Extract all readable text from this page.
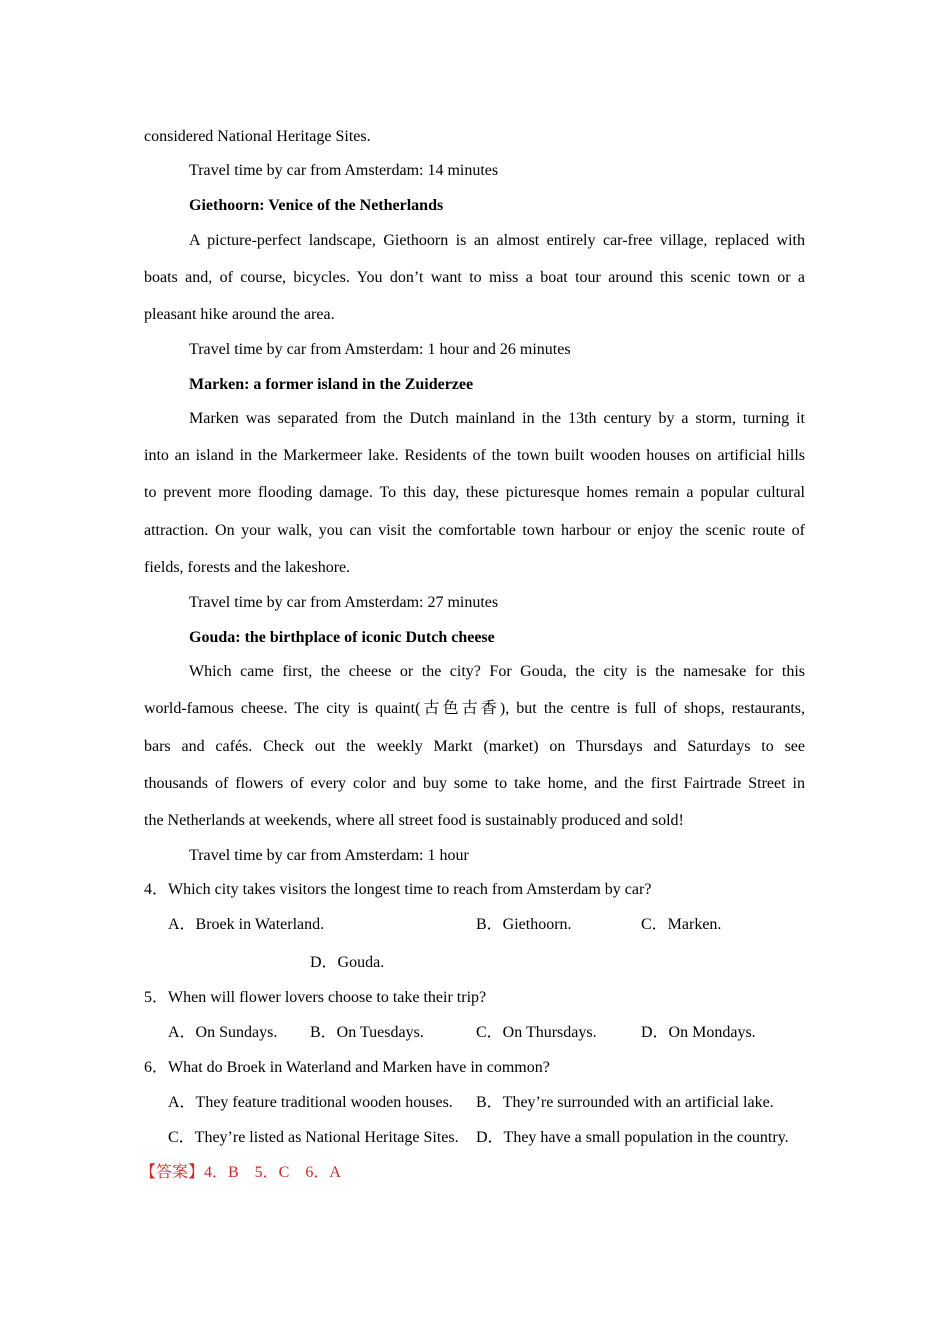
considered National Heritage Sites.
Travel time by car from Amsterdam: 14 minutes
Giethoorn: Venice of the Netherlands
A picture-perfect landscape, Giethoorn is an almost entirely car-free village, replaced with
boats and, of course, bicycles. You don’t want to miss a boat tour around this scenic town or a
pleasant hike around the area.
Travel time by car from Amsterdam: 1 hour and 26 minutes
Marken: a former island in the Zuiderzee
Marken was separated from the Dutch mainland in the 13th century by a storm, turning it
into an island in the Markermeer lake. Residents of the town built wooden houses on artificial hills
to prevent more flooding damage. To this day, these picturesque homes remain a popular cultural
attraction. On your walk, you can visit the comfortable town harbour or enjoy the scenic route of
fields, forests and the lakeshore.
Travel time by car from Amsterdam: 27 minutes
Gouda: the birthplace of iconic Dutch cheese
Which came first, the cheese or the city? For Gouda, the city is the namesake for this
world-famous cheese. The city is quaint(古色古香), but the centre is full of shops, restaurants,
bars and cafés. Check out the weekly Markt (market) on Thursdays and Saturdays to see
thousands of flowers of every color and buy some to take home, and the first Fairtrade Street in
the Netherlands at weekends, where all street food is sustainably produced and sold!
Travel time by car from Amsterdam: 1 hour
4．Which city takes visitors the longest time to reach from Amsterdam by car?
A．Broek in Waterland.	B．Giethoorn.	C．Marken.
D．Gouda.
5．When will flower lovers choose to take their trip?
A．On Sundays. B．On Tuesdays.	C．On Thursdays.	D．On Mondays.
6．What do Broek in Waterland and Marken have in common?
A．They feature traditional wooden houses. B．They’re surrounded with an artificial lake.
C．They’re listed as National Heritage Sites. D．They have a small population in the country.
【答案】4．B　5．C　6．A
